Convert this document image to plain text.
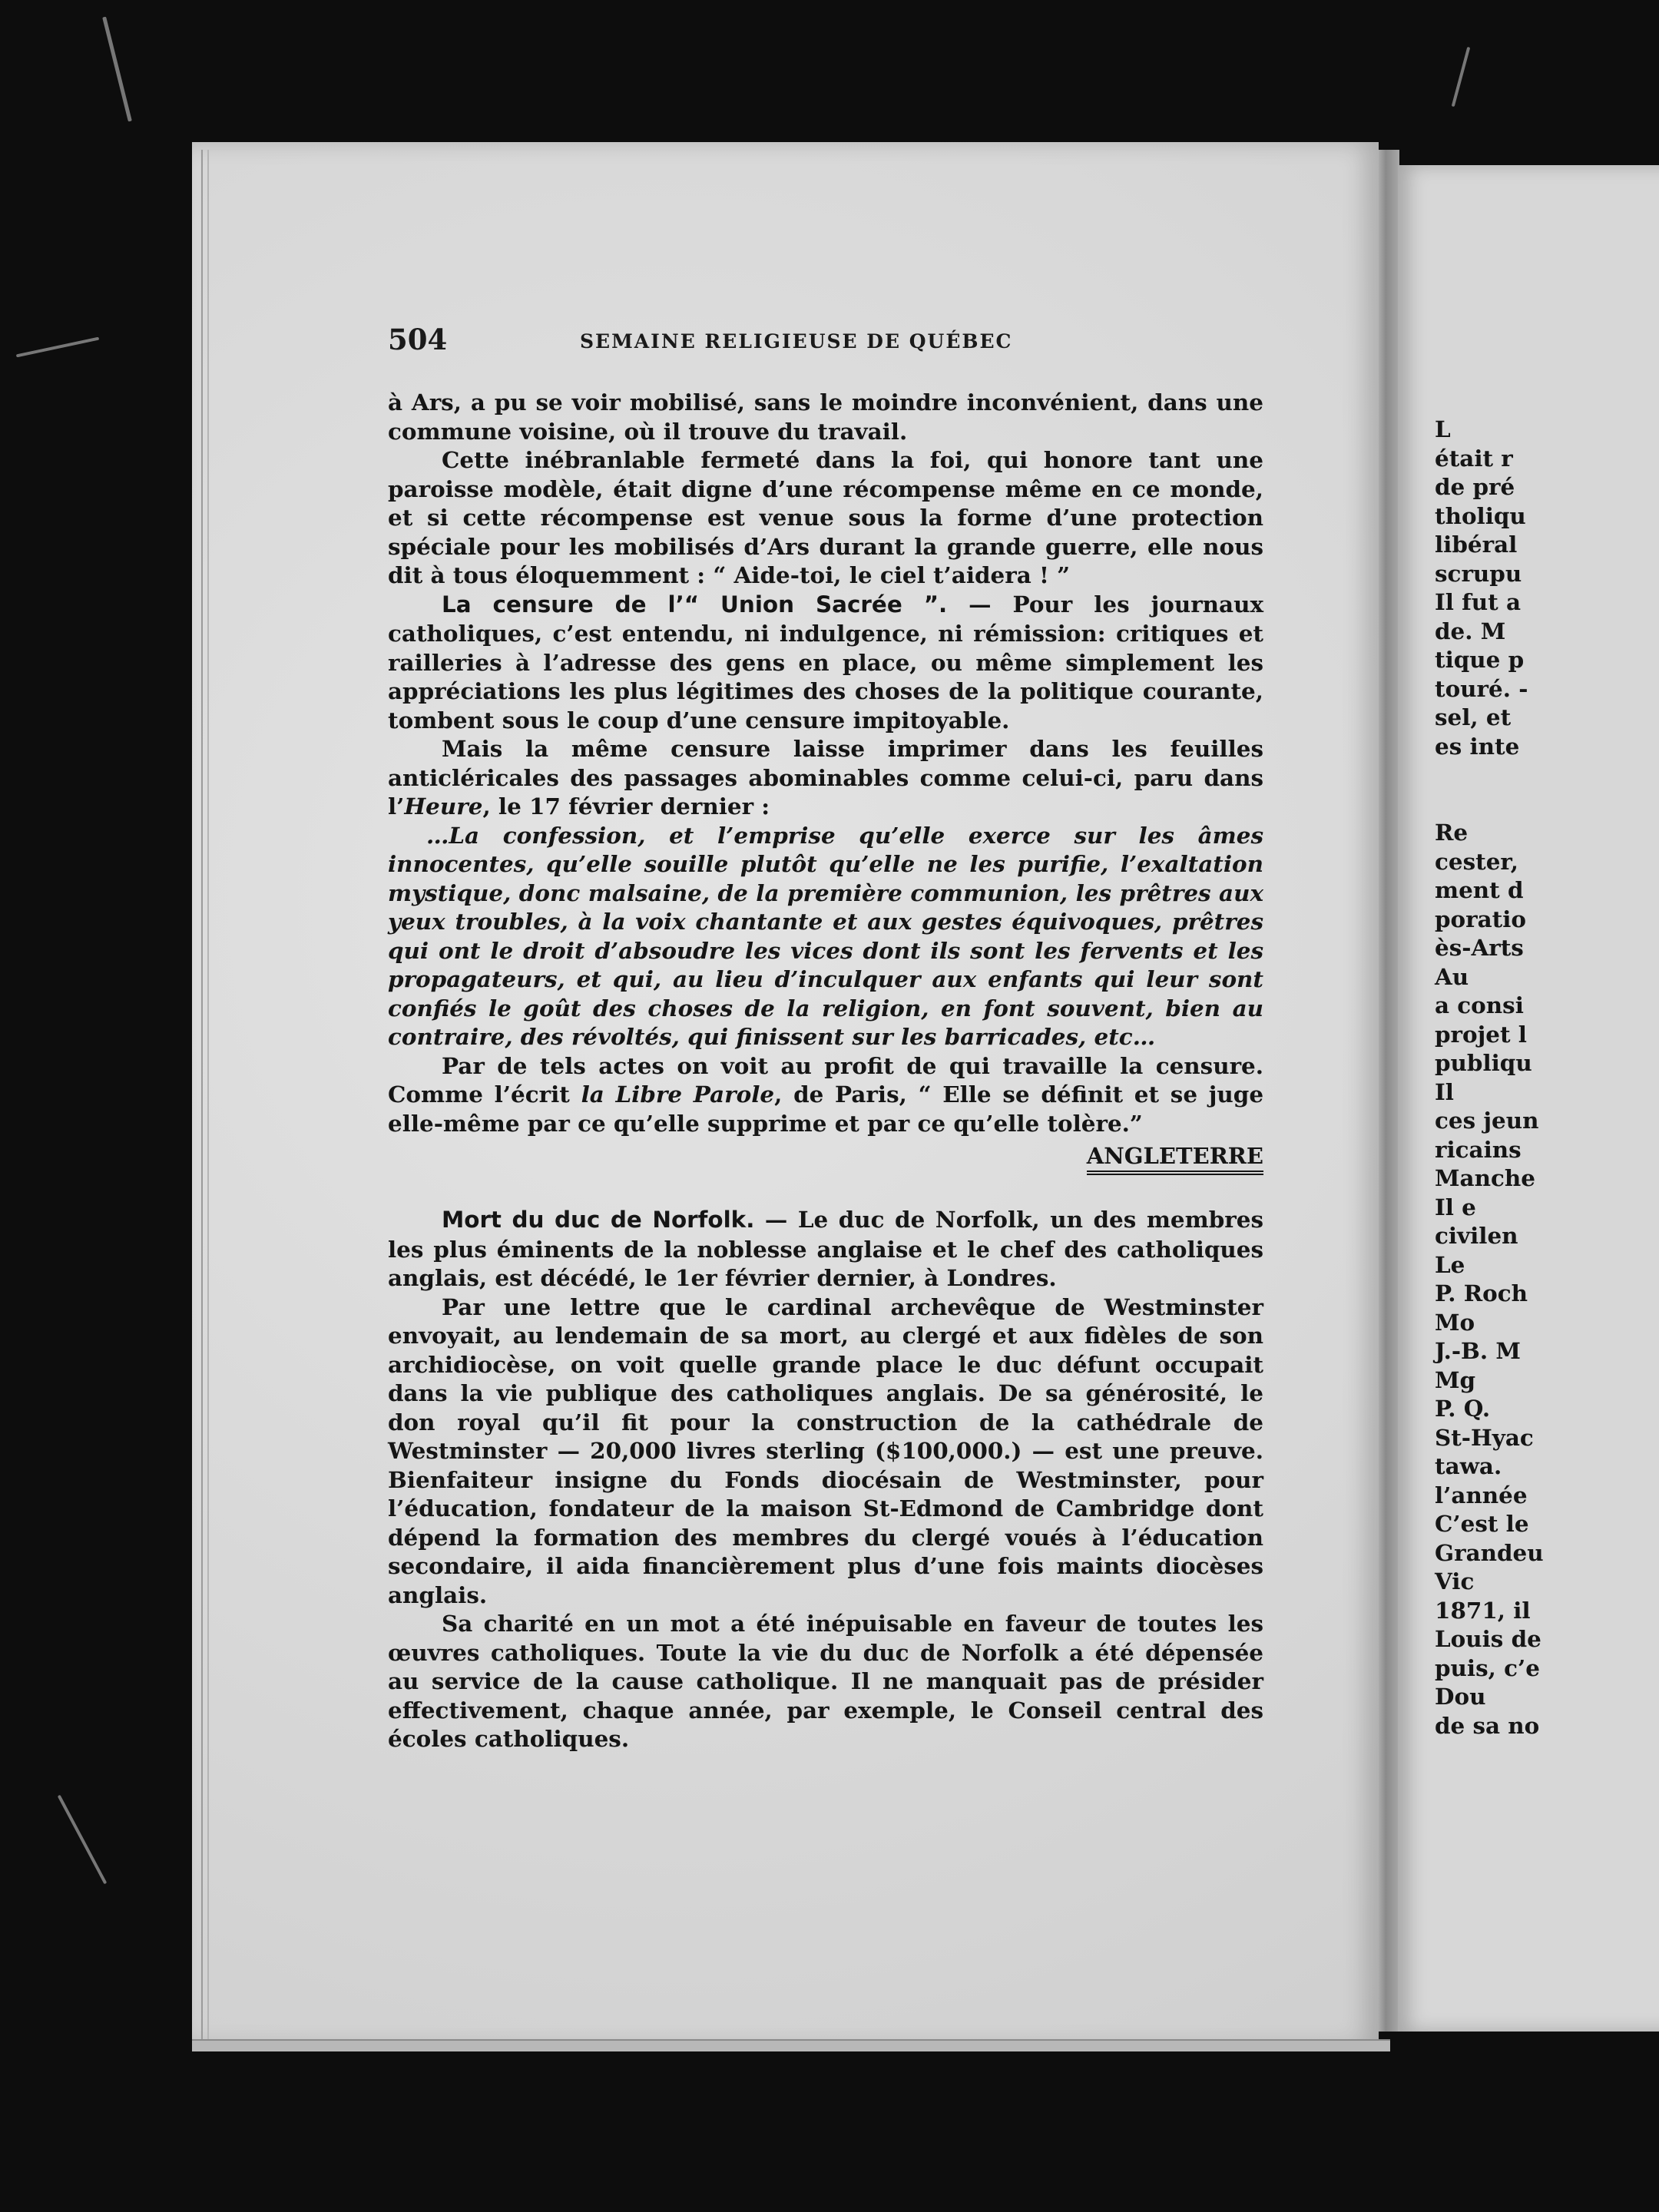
L
était r
de pré
tholiqu
libéral
scrupu
Il fut a
de. M
tique p
touré. -
sel, et
es inte
Re
cester,
ment d
poratio
ès-Arts
Au
a consi
projet l
publiqu
Il
ces jeun
ricains
Manche
Il e
civilen
Le
P. Roch
Mo
J.-B. M
Mg
P. Q.
St-Hyac
tawa.
l’année
C’est le
Grandeu
Vic
1871, il
Louis de
puis, c’e
Dou
de sa no
504	SEMAINE RELIGIEUSE DE QUÉBEC

à Ars, a pu se voir mobilisé, sans le moindre inconvénient, dans une commune voisine, où il trouve du travail.

Cette inébranlable fermeté dans la foi, qui honore tant une paroisse modèle, était digne d’une récompense même en ce monde, et si cette récompense est venue sous la forme d’une protection spéciale pour les mobilisés d’Ars durant la grande guerre, elle nous dit à tous éloquemment : “ Aide-toi, le ciel t’aidera ! ”

La censure de l’“ Union Sacrée ”. — Pour les journaux catholiques, c’est entendu, ni indulgence, ni rémission: critiques et railleries à l’adresse des gens en place, ou même simplement les appréciations les plus légitimes des choses de la politique courante, tombent sous le coup d’une censure impitoyable.

Mais la même censure laisse imprimer dans les feuilles anticléricales des passages abominables comme celui-ci, paru dans l’Heure, le 17 février dernier :

…La confession, et l’emprise qu’elle exerce sur les âmes innocentes, qu’elle souille plutôt qu’elle ne les purifie, l’exaltation mystique, donc malsaine, de la première communion, les prêtres aux yeux troubles, à la voix chantante et aux gestes équivoques, prêtres qui ont le droit d’absoudre les vices dont ils sont les fervents et les propagateurs, et qui, au lieu d’inculquer aux enfants qui leur sont confiés le goût des choses de la religion, en font souvent, bien au contraire, des révoltés, qui finissent sur les barricades, etc…

Par de tels actes on voit au profit de qui travaille la censure. Comme l’écrit la Libre Parole, de Paris, “ Elle se définit et se juge elle-même par ce qu’elle supprime et par ce qu’elle tolère.”

ANGLETERRE

Mort du duc de Norfolk. — Le duc de Norfolk, un des membres les plus éminents de la noblesse anglaise et le chef des catholiques anglais, est décédé, le 1er février dernier, à Londres.

Par une lettre que le cardinal archevêque de Westminster envoyait, au lendemain de sa mort, au clergé et aux fidèles de son archidiocèse, on voit quelle grande place le duc défunt occupait dans la vie publique des catholiques anglais. De sa générosité, le don royal qu’il fit pour la construction de la cathédrale de Westminster — 20,000 livres sterling ($100,000.) — est une preuve. Bienfaiteur insigne du Fonds diocésain de Westminster, pour l’éducation, fondateur de la maison St-Edmond de Cambridge dont dépend la formation des membres du clergé voués à l’éducation secondaire, il aida financièrement plus d’une fois maints diocèses anglais.

Sa charité en un mot a été inépuisable en faveur de toutes les œuvres catholiques. Toute la vie du duc de Norfolk a été dépensée au service de la cause catholique. Il ne manquait pas de présider effectivement, chaque année, par exemple, le Conseil central des écoles catholiques.
